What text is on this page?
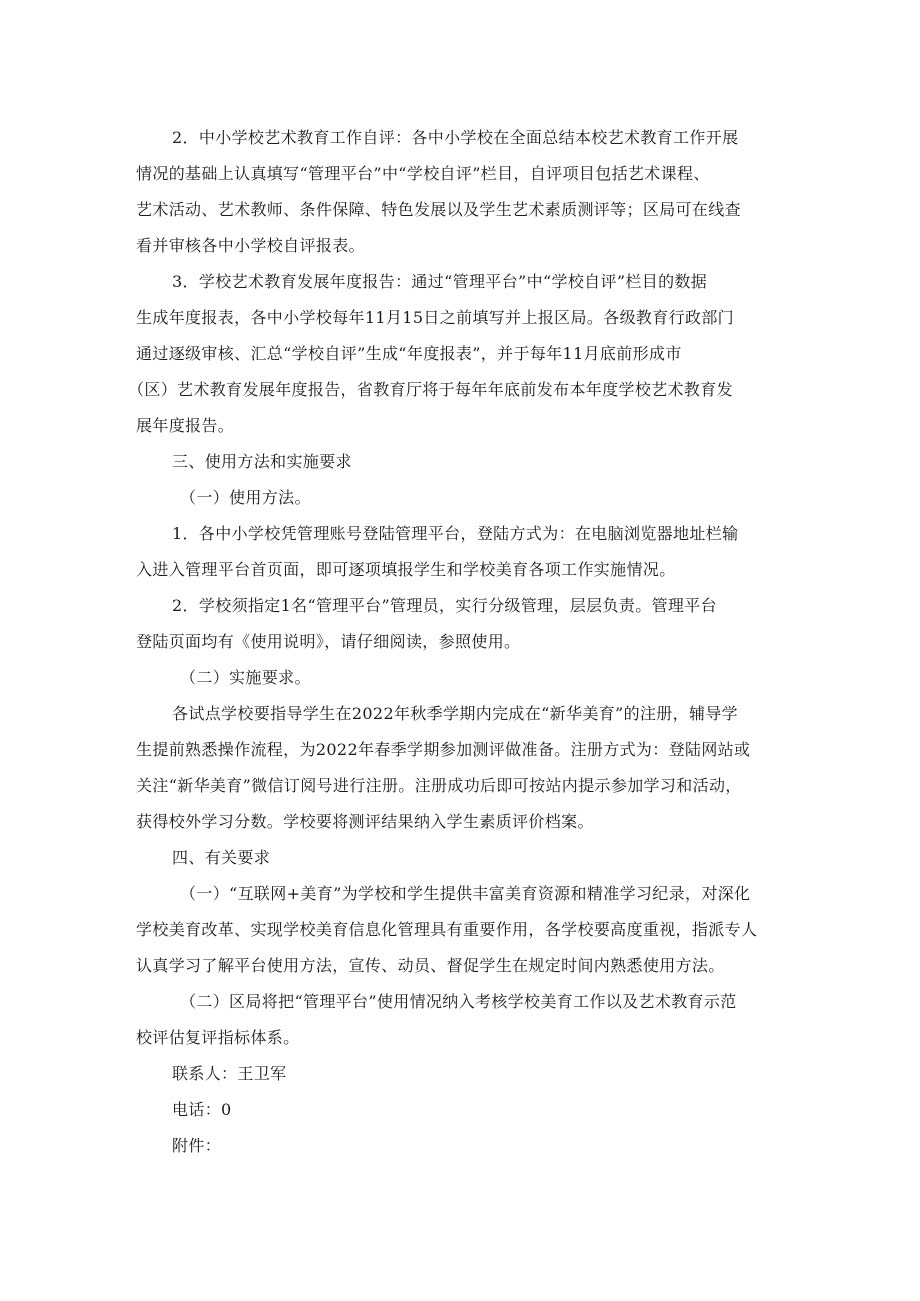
2．中小学校艺术教育工作自评：各中小学校在全面总结本校艺术教育工作开展
情况的基础上认真填写“管理平台”中“学校自评”栏目，自评项目包括艺术课程、
艺术活动、艺术教师、条件保障、特色发展以及学生艺术素质测评等；区局可在线查
看并审核各中小学校自评报表。
3．学校艺术教育发展年度报告：通过“管理平台”中“学校自评”栏目的数据
生成年度报表，各中小学校每年11月15日之前填写并上报区局。各级教育行政部门
通过逐级审核、汇总“学校自评”生成“年度报表”，并于每年11月底前形成市
（区）艺术教育发展年度报告，省教育厅将于每年年底前发布本年度学校艺术教育发
展年度报告。
三、使用方法和实施要求
（一）使用方法。
1．各中小学校凭管理账号登陆管理平台，登陆方式为：在电脑浏览器地址栏输
入进入管理平台首页面，即可逐项填报学生和学校美育各项工作实施情况。
2．学校须指定1名“管理平台”管理员，实行分级管理，层层负责。管理平台
登陆页面均有《使用说明》，请仔细阅读，参照使用。
（二）实施要求。
各试点学校要指导学生在2022年秋季学期内完成在“新华美育”的注册，辅导学
生提前熟悉操作流程，为2022年春季学期参加测评做准备。注册方式为：登陆网站或
关注“新华美育”微信订阅号进行注册。注册成功后即可按站内提示参加学习和活动，
获得校外学习分数。学校要将测评结果纳入学生素质评价档案。
四、有关要求
（一）“互联网+美育”为学校和学生提供丰富美育资源和精准学习纪录，对深化
学校美育改革、实现学校美育信息化管理具有重要作用，各学校要高度重视，指派专人
认真学习了解平台使用方法，宣传、动员、督促学生在规定时间内熟悉使用方法。
（二）区局将把“管理平台”使用情况纳入考核学校美育工作以及艺术教育示范
校评估复评指标体系。
联系人：王卫军
电话：0
附件：
